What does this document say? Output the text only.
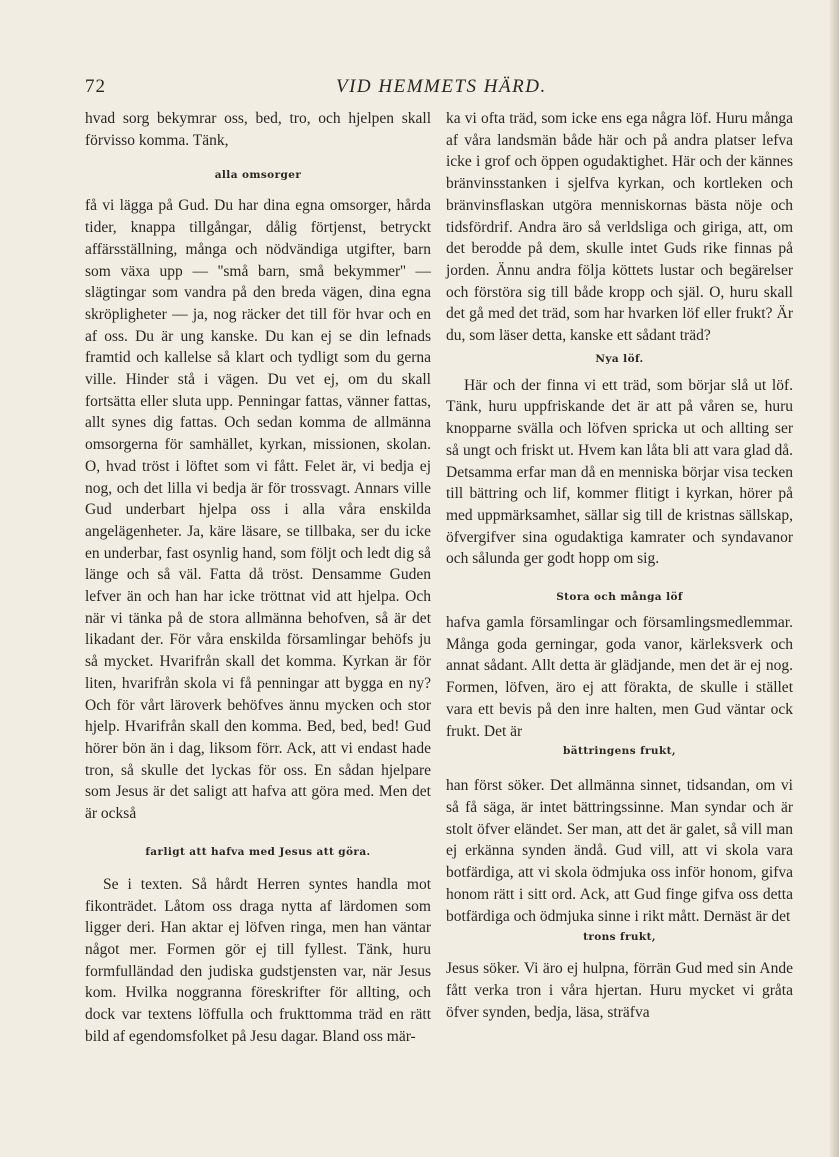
72	VID HEMMETS HÄRD.

hvad sorg bekymrar oss, bed, tro, och hjelpen skall förvisso komma. Tänk,

alla omsorger

få vi lägga på Gud. Du har dina egna omsorger, hårda tider, knappa tillgångar, dålig förtjenst, betryckt affärsställning, många och nödvändiga utgifter, barn som växa upp — ''små barn, små bekymmer'' — slägtingar som vandra på den breda vägen, dina egna skröpligheter — ja, nog räcker det till för hvar och en af oss. Du är ung kanske. Du kan ej se din lefnads framtid och kallelse så klart och tydligt som du gerna ville. Hinder stå i vägen. Du vet ej, om du skall fortsätta eller sluta upp. Penningar fattas, vänner fattas, allt synes dig fattas. Och sedan komma de allmänna omsorgerna för samhället, kyrkan, missionen, skolan. O, hvad tröst i löftet som vi fått. Felet är, vi bedja ej nog, och det lilla vi bedja är för trossvagt. Annars ville Gud underbart hjelpa oss i alla våra enskilda angelägenheter. Ja, käre läsare, se tillbaka, ser du icke en underbar, fast osynlig hand, som följt och ledt dig så länge och så väl. Fatta då tröst. Densamme Guden lefver än och han har icke tröttnat vid att hjelpa. Och när vi tänka på de stora allmänna behofven, så är det likadant der. För våra enskilda församlingar behöfs ju så mycket. Hvarifrån skall det komma. Kyrkan är för liten, hvarifrån skola vi få penningar att bygga en ny? Och för vårt läroverk behöfves ännu mycken och stor hjelp. Hvarifrån skall den komma. Bed, bed, bed! Gud hörer bön än i dag, liksom förr. Ack, att vi endast hade tron, så skulle det lyckas för oss. En sådan hjelpare som Jesus är det saligt att hafva att göra med. Men det är också

farligt att hafva med Jesus att göra.

Se i texten. Så hårdt Herren syntes handla mot fikonträdet. Låtom oss draga nytta af lärdomen som ligger deri. Han aktar ej löfven ringa, men han väntar något mer. Formen gör ej till fyllest. Tänk, huru formfulländad den judiska gudstjensten var, när Jesus kom. Hvilka noggranna föreskrifter för allting, och dock var textens löffulla och frukttomma träd en rätt bild af egendomsfolket på Jesu dagar. Bland oss mär-

ka vi ofta träd, som icke ens ega några löf. Huru många af våra landsmän både här och på andra platser lefva icke i grof och öppen ogudaktighet. Här och der kännes bränvinsstanken i sjelfva kyrkan, och kortleken och bränvinsflaskan utgöra menniskornas bästa nöje och tidsfördrif. Andra äro så verldsliga och giriga, att, om det berodde på dem, skulle intet Guds rike finnas på jorden. Ännu andra följa köttets lustar och begärelser och förstöra sig till både kropp och själ. O, huru skall det gå med det träd, som har hvarken löf eller frukt? Är du, som läser detta, kanske ett sådant träd?

Nya löf.

Här och der finna vi ett träd, som börjar slå ut löf. Tänk, huru uppfriskande det är att på våren se, huru knopparne svälla och löfven spricka ut och allting ser så ungt och friskt ut. Hvem kan låta bli att vara glad då. Detsamma erfar man då en menniska börjar visa tecken till bättring och lif, kommer flitigt i kyrkan, hörer på med uppmärksamhet, sällar sig till de kristnas sällskap, öfvergifver sina ogudaktiga kamrater och syndavanor och sålunda ger godt hopp om sig.

Stora och många löf

hafva gamla församlingar och församlingsmedlemmar. Många goda gerningar, goda vanor, kärleksverk och annat sådant. Allt detta är glädjande, men det är ej nog. Formen, löfven, äro ej att förakta, de skulle i stället vara ett bevis på den inre halten, men Gud väntar ock frukt. Det är

bättringens frukt,

han först söker. Det allmänna sinnet, tidsandan, om vi så få säga, är intet bättringssinne. Man syndar och är stolt öfver eländet. Ser man, att det är galet, så vill man ej erkänna synden ändå. Gud vill, att vi skola vara botfärdiga, att vi skola ödmjuka oss inför honom, gifva honom rätt i sitt ord. Ack, att Gud finge gifva oss detta botfärdiga och ödmjuka sinne i rikt mått. Dernäst är det

trons frukt,

Jesus söker. Vi äro ej hulpna, förrän Gud med sin Ande fått verka tron i våra hjertan. Huru mycket vi gråta öfver synden, bedja, läsa, sträfva
